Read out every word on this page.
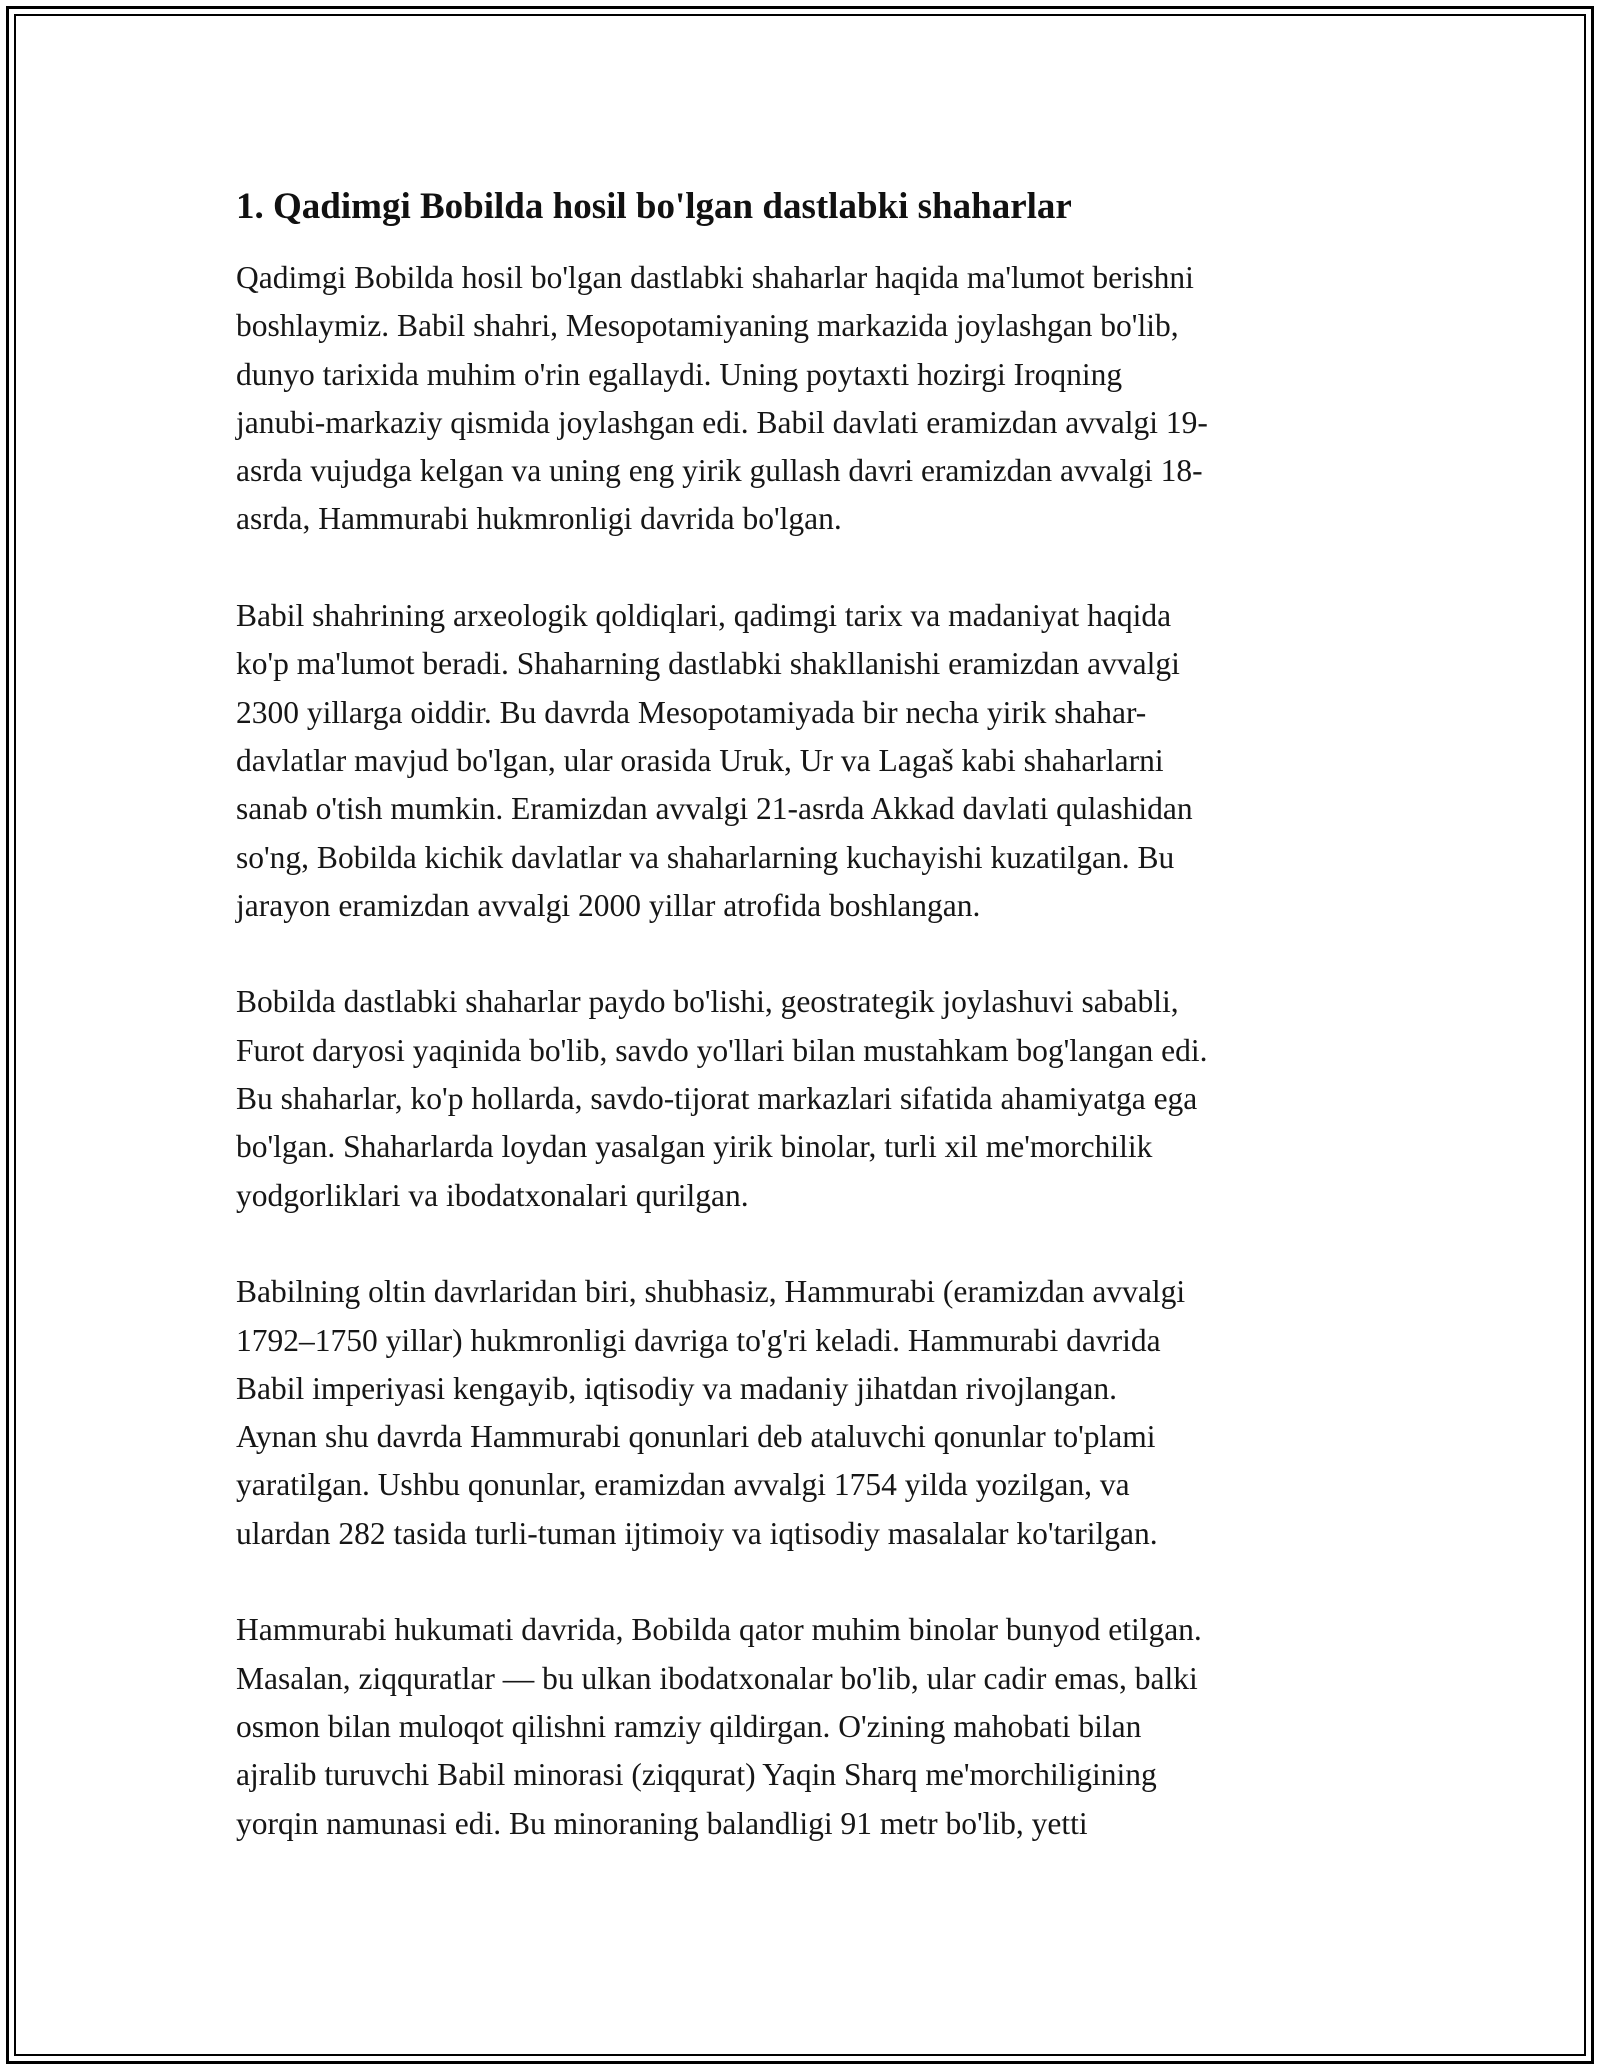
1. Qadimgi Bobilda hosil bo'lgan dastlabki shaharlar

Qadimgi Bobilda hosil bo'lgan dastlabki shaharlar haqida ma'lumot berishni
boshlaymiz. Babil shahri, Mesopotamiyaning markazida joylashgan bo'lib,
dunyo tarixida muhim o'rin egallaydi. Uning poytaxti hozirgi Iroqning
janubi-markaziy qismida joylashgan edi. Babil davlati eramizdan avvalgi 19-
asrda vujudga kelgan va uning eng yirik gullash davri eramizdan avvalgi 18-
asrda, Hammurabi hukmronligi davrida bo'lgan.

Babil shahrining arxeologik qoldiqlari, qadimgi tarix va madaniyat haqida
ko'p ma'lumot beradi. Shaharning dastlabki shakllanishi eramizdan avvalgi
2300 yillarga oiddir. Bu davrda Mesopotamiyada bir necha yirik shahar-
davlatlar mavjud bo'lgan, ular orasida Uruk, Ur va Lagaš kabi shaharlarni
sanab o'tish mumkin. Eramizdan avvalgi 21-asrda Akkad davlati qulashidan
so'ng, Bobilda kichik davlatlar va shaharlarning kuchayishi kuzatilgan. Bu
jarayon eramizdan avvalgi 2000 yillar atrofida boshlangan.

Bobilda dastlabki shaharlar paydo bo'lishi, geostrategik joylashuvi sababli,
Furot daryosi yaqinida bo'lib, savdo yo'llari bilan mustahkam bog'langan edi.
Bu shaharlar, ko'p hollarda, savdo-tijorat markazlari sifatida ahamiyatga ega
bo'lgan. Shaharlarda loydan yasalgan yirik binolar, turli xil me'morchilik
yodgorliklari va ibodatxonalari qurilgan.

Babilning oltin davrlaridan biri, shubhasiz, Hammurabi (eramizdan avvalgi
1792–1750 yillar) hukmronligi davriga to'g'ri keladi. Hammurabi davrida
Babil imperiyasi kengayib, iqtisodiy va madaniy jihatdan rivojlangan.
Aynan shu davrda Hammurabi qonunlari deb ataluvchi qonunlar to'plami
yaratilgan. Ushbu qonunlar, eramizdan avvalgi 1754 yilda yozilgan, va
ulardan 282 tasida turli-tuman ijtimoiy va iqtisodiy masalalar ko'tarilgan.

Hammurabi hukumati davrida, Bobilda qator muhim binolar bunyod etilgan.
Masalan, ziqquratlar — bu ulkan ibodatxonalar bo'lib, ular cadir emas, balki
osmon bilan muloqot qilishni ramziy qildirgan. O'zining mahobati bilan
ajralib turuvchi Babil minorasi (ziqqurat) Yaqin Sharq me'morchiligining
yorqin namunasi edi. Bu minoraning balandligi 91 metr bo'lib, yetti
